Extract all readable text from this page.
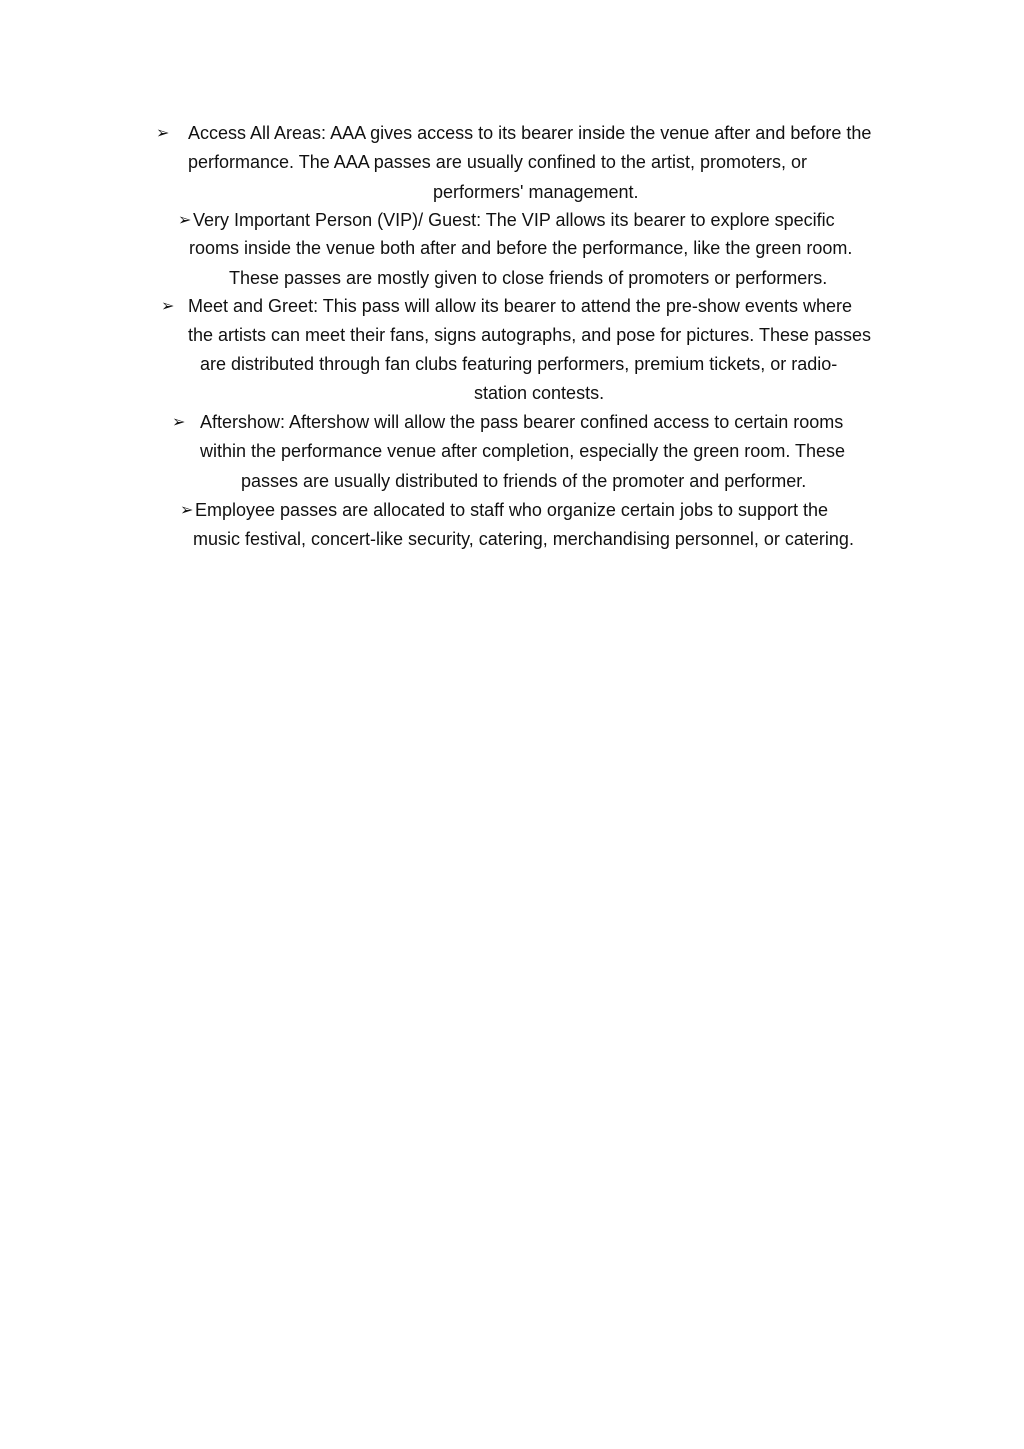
➢ Access All Areas: AAA gives access to its bearer inside the venue after and before the
performance. The AAA passes are usually confined to the artist, promoters, or
performers' management.
➢ Very Important Person (VIP)/ Guest: The VIP allows its bearer to explore specific
rooms inside the venue both after and before the performance, like the green room.
These passes are mostly given to close friends of promoters or performers.
➢ Meet and Greet: This pass will allow its bearer to attend the pre-show events where
the artists can meet their fans, signs autographs, and pose for pictures. These passes
are distributed through fan clubs featuring performers, premium tickets, or radio-
station contests.
➢ Aftershow: Aftershow will allow the pass bearer confined access to certain rooms
within the performance venue after completion, especially the green room. These
passes are usually distributed to friends of the promoter and performer.
➢ Employee passes are allocated to staff who organize certain jobs to support the
music festival, concert-like security, catering, merchandising personnel, or catering.
